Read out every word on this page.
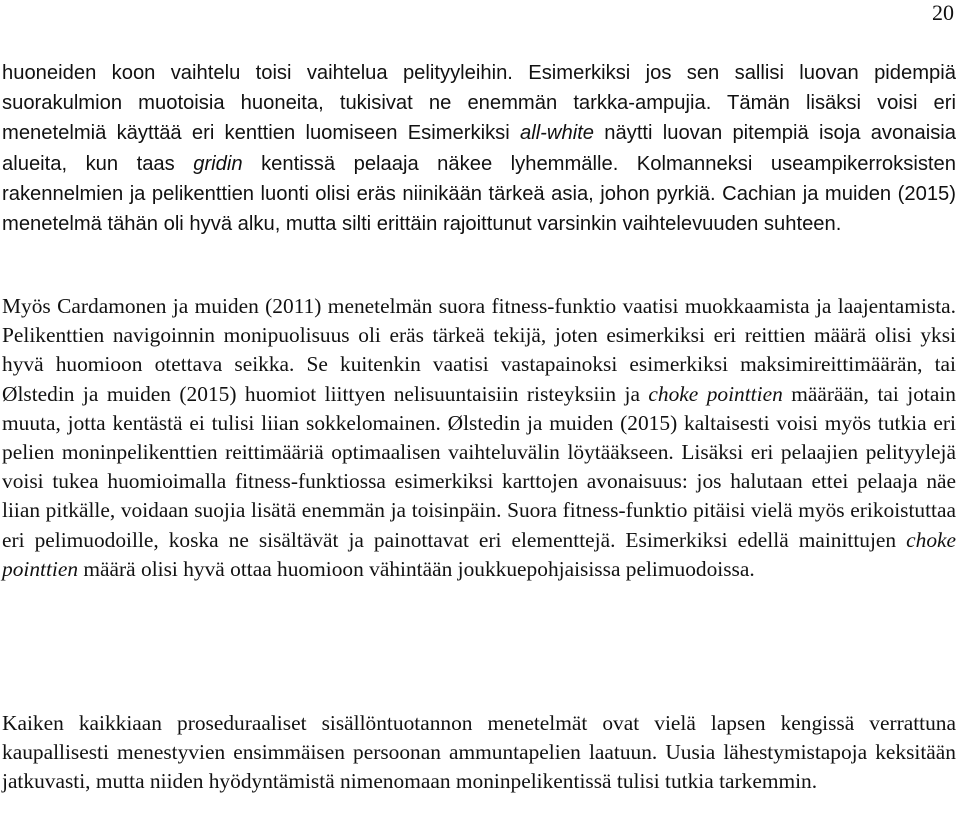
20

huoneiden koon vaihtelu toisi vaihtelua pelityyleihin. Esimerkiksi jos sen sallisi luovan pidempiä suorakulmion muotoisia huoneita, tukisivat ne enemmän tarkka-ampujia. Tämän lisäksi voisi eri menetelmiä käyttää eri kenttien luomiseen Esimerkiksi all-white näytti luovan pitempiä isoja avonaisia alueita, kun taas gridin kentissä pelaaja näkee lyhemmälle. Kolmanneksi useampikerroksisten rakennelmien ja pelikenttien luonti olisi eräs niinikään tärkeä asia, johon pyrkiä. Cachian ja muiden (2015) menetelmä tähän oli hyvä alku, mutta silti erittäin rajoittunut varsinkin vaihtelevuuden suhteen.

Myös Cardamonen ja muiden (2011) menetelmän suora fitness-funktio vaatisi muokkaamista ja laajentamista. Pelikenttien navigoinnin monipuolisuus oli eräs tärkeä tekijä, joten esimerkiksi eri reittien määrä olisi yksi hyvä huomioon otettava seikka. Se kuitenkin vaatisi vastapainoksi esimerkiksi maksimireittimäärän, tai Ølstedin ja muiden (2015) huomiot liittyen nelisuuntaisiin risteyksiin ja choke pointtien määrään, tai jotain muuta, jotta kentästä ei tulisi liian sokkelomainen. Ølstedin ja muiden (2015) kaltaisesti voisi myös tutkia eri pelien moninpelikenttien reittimääriä optimaalisen vaihteluvälin löytääkseen. Lisäksi eri pelaajien pelityylejä voisi tukea huomioimalla fitness-funktiossa esimerkiksi karttojen avonaisuus: jos halutaan ettei pelaaja näe liian pitkälle, voidaan suojia lisätä enemmän ja toisinpäin. Suora fitness-funktio pitäisi vielä myös erikoistuttaa eri pelimuodoille, koska ne sisältävät ja painottavat eri elementtejä. Esimerkiksi edellä mainittujen choke pointtien määrä olisi hyvä ottaa huomioon vähintään joukkuepohjaisissa pelimuodoissa.

Kaiken kaikkiaan proseduraaliset sisällöntuotannon menetelmät ovat vielä lapsen kengissä verrattuna kaupallisesti menestyvien ensimmäisen persoonan ammuntapelien laatuun. Uusia lähestymistapoja keksitään jatkuvasti, mutta niiden hyödyntämistä nimenomaan moninpelikentissä tulisi tutkia tarkemmin.
